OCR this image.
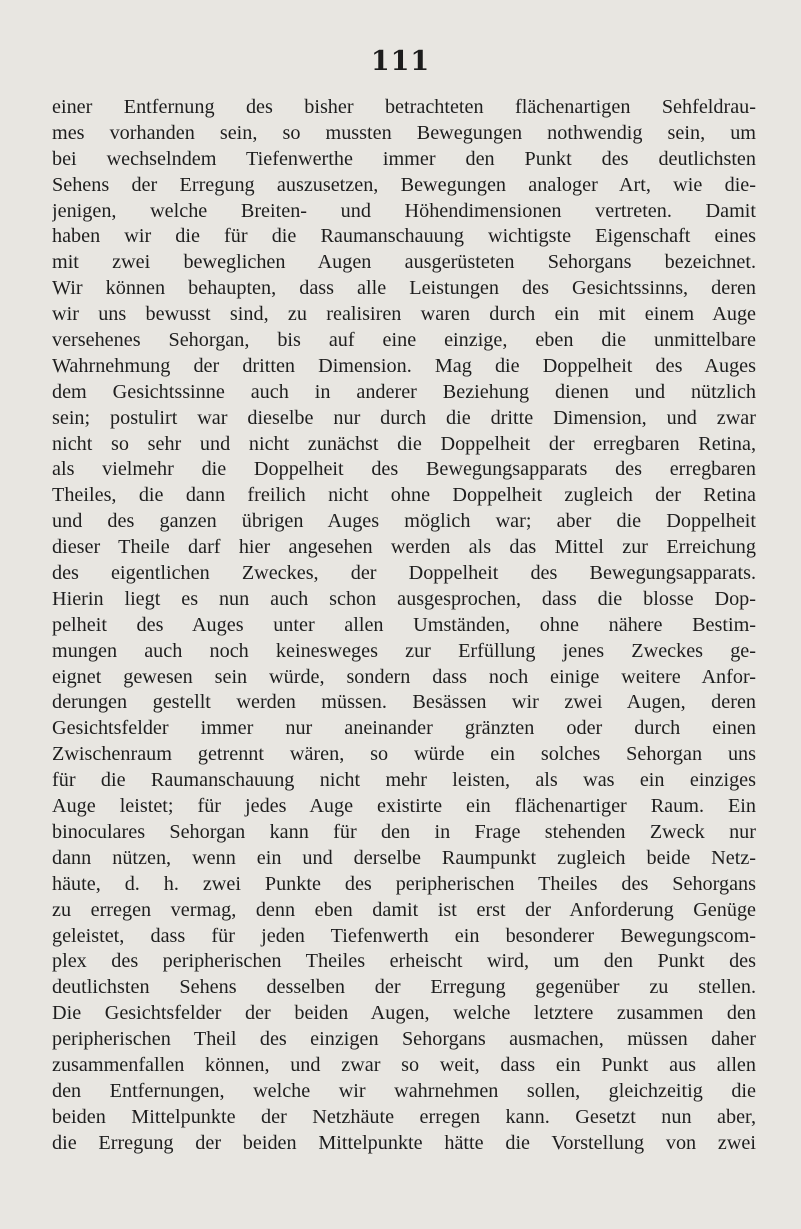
111
einer Entfernung des bisher betrachteten flächenartigen Sehfeldrau-
mes vorhanden sein, so mussten Bewegungen nothwendig sein, um
bei wechselndem Tiefenwerthe immer den Punkt des deutlichsten
Sehens der Erregung auszusetzen, Bewegungen analoger Art, wie die-
jenigen, welche Breiten- und Höhendimensionen vertreten. Damit
haben wir die für die Raumanschauung wichtigste Eigenschaft eines
mit zwei beweglichen Augen ausgerüsteten Sehorgans bezeichnet.
Wir können behaupten, dass alle Leistungen des Gesichtssinns, deren
wir uns bewusst sind, zu realisiren waren durch ein mit einem Auge
versehenes Sehorgan, bis auf eine einzige, eben die unmittelbare
Wahrnehmung der dritten Dimension. Mag die Doppelheit des Auges
dem Gesichtssinne auch in anderer Beziehung dienen und nützlich
sein; postulirt war dieselbe nur durch die dritte Dimension, und zwar
nicht so sehr und nicht zunächst die Doppelheit der erregbaren Retina,
als vielmehr die Doppelheit des Bewegungsapparats des erregbaren
Theiles, die dann freilich nicht ohne Doppelheit zugleich der Retina
und des ganzen übrigen Auges möglich war; aber die Doppelheit
dieser Theile darf hier angesehen werden als das Mittel zur Erreichung
des eigentlichen Zweckes, der Doppelheit des Bewegungsapparats.
Hierin liegt es nun auch schon ausgesprochen, dass die blosse Dop-
pelheit des Auges unter allen Umständen, ohne nähere Bestim-
mungen auch noch keinesweges zur Erfüllung jenes Zweckes ge-
eignet gewesen sein würde, sondern dass noch einige weitere Anfor-
derungen gestellt werden müssen. Besässen wir zwei Augen, deren
Gesichtsfelder immer nur aneinander gränzten oder durch einen
Zwischenraum getrennt wären, so würde ein solches Sehorgan uns
für die Raumanschauung nicht mehr leisten, als was ein einziges
Auge leistet; für jedes Auge existirte ein flächenartiger Raum. Ein
binoculares Sehorgan kann für den in Frage stehenden Zweck nur
dann nützen, wenn ein und derselbe Raumpunkt zugleich beide Netz-
häute, d. h. zwei Punkte des peripherischen Theiles des Sehorgans
zu erregen vermag, denn eben damit ist erst der Anforderung Genüge
geleistet, dass für jeden Tiefenwerth ein besonderer Bewegungscom-
plex des peripherischen Theiles erheischt wird, um den Punkt des
deutlichsten Sehens desselben der Erregung gegenüber zu stellen.
Die Gesichtsfelder der beiden Augen, welche letztere zusammen den
peripherischen Theil des einzigen Sehorgans ausmachen, müssen daher
zusammenfallen können, und zwar so weit, dass ein Punkt aus allen
den Entfernungen, welche wir wahrnehmen sollen, gleichzeitig die
beiden Mittelpunkte der Netzhäute erregen kann. Gesetzt nun aber,
die Erregung der beiden Mittelpunkte hätte die Vorstellung von zwei
